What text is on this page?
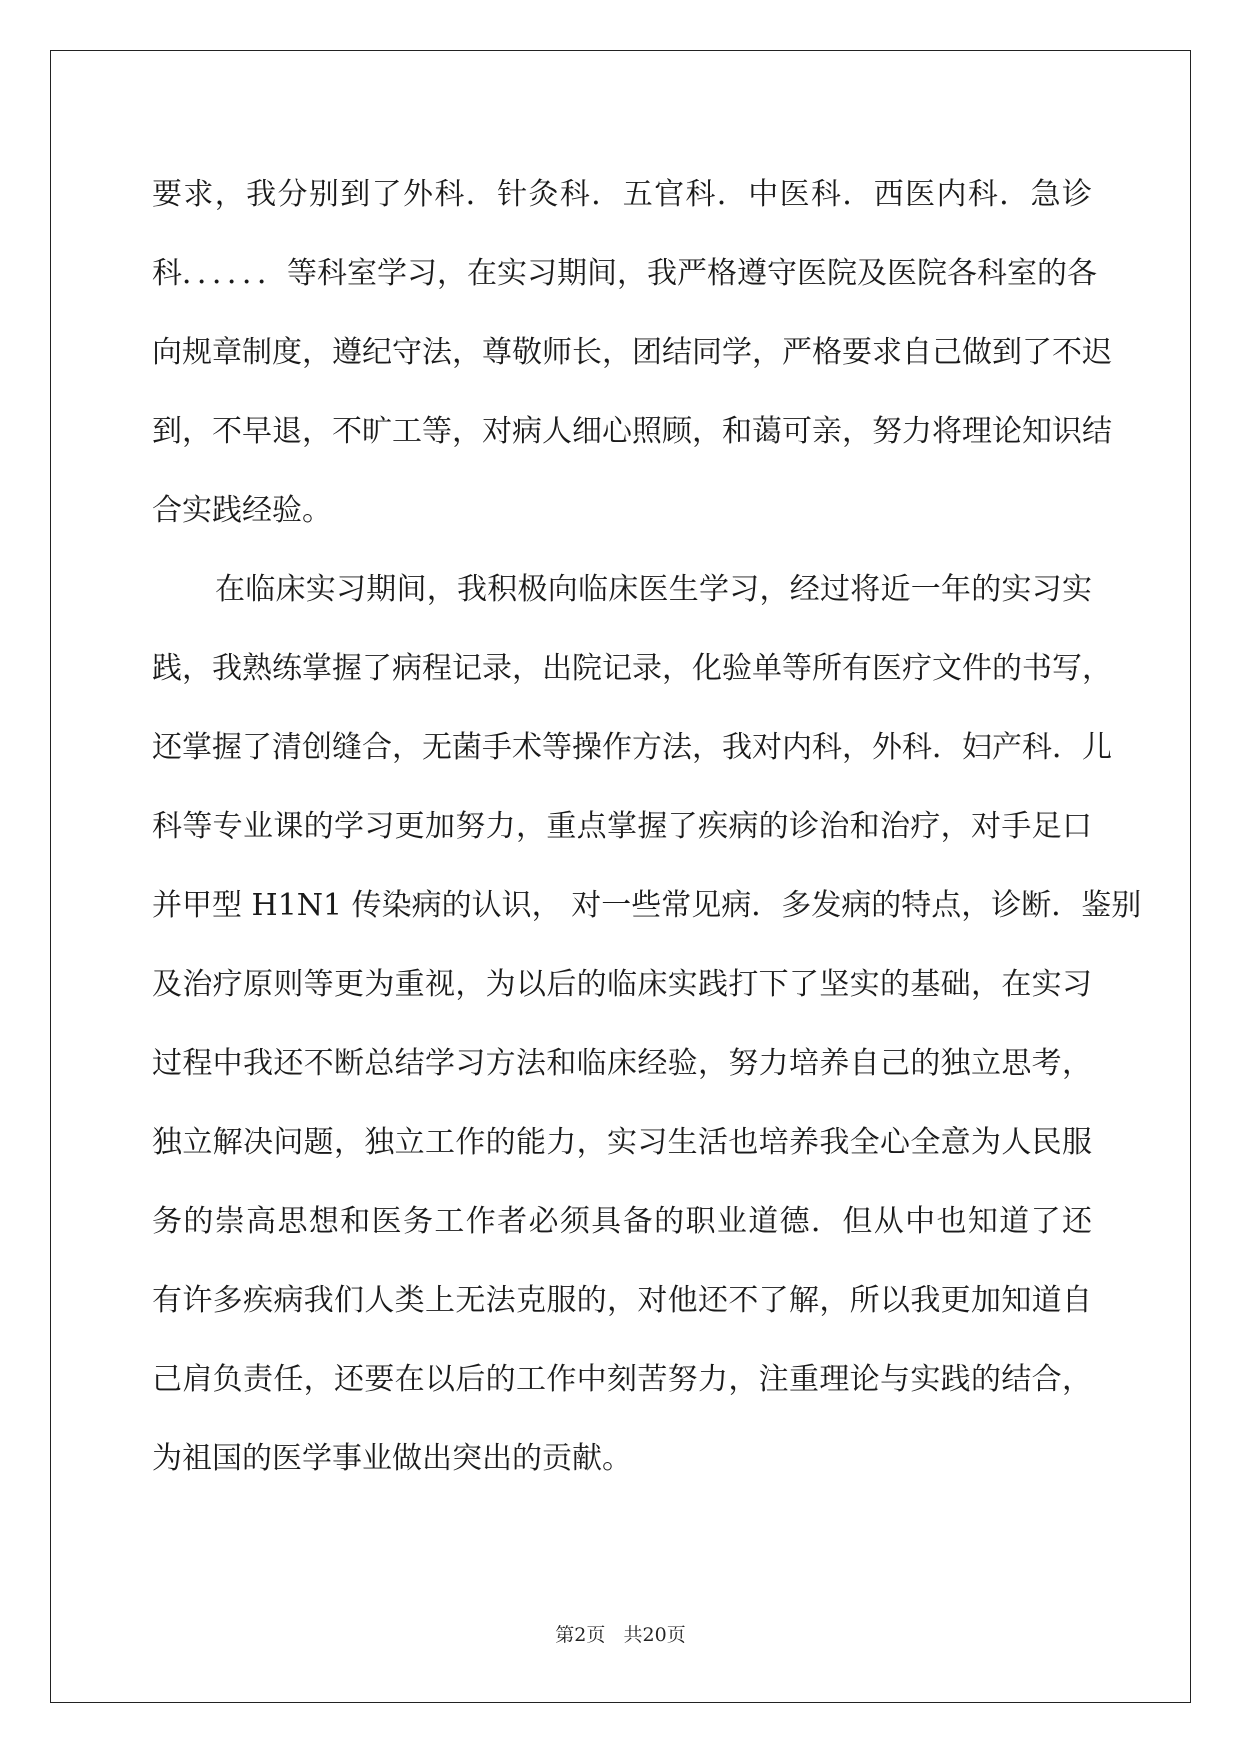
要求，我分别到了外科．针灸科．五官科．中医科．西医内科．急诊
科．．．．．．等科室学习，在实习期间，我严格遵守医院及医院各科室的各
向规章制度，遵纪守法，尊敬师长，团结同学，严格要求自己做到了不迟
到，不早退，不旷工等，对病人细心照顾，和蔼可亲，努力将理论知识结
合实践经验。
在临床实习期间，我积极向临床医生学习，经过将近一年的实习实
践，我熟练掌握了病程记录，出院记录，化验单等所有医疗文件的书写，
还掌握了清创缝合，无菌手术等操作方法，我对内科，外科．妇产科．儿
科等专业课的学习更加努力，重点掌握了疾病的诊治和治疗，对手足口
并甲型 H1N1 传染病的认识， 对一些常见病．多发病的特点，诊断．鉴别
及治疗原则等更为重视，为以后的临床实践打下了坚实的基础，在实习
过程中我还不断总结学习方法和临床经验，努力培养自己的独立思考，
独立解决问题，独立工作的能力，实习生活也培养我全心全意为人民服
务的崇高思想和医务工作者必须具备的职业道德．但从中也知道了还
有许多疾病我们人类上无法克服的，对他还不了解，所以我更加知道自
己肩负责任，还要在以后的工作中刻苦努力，注重理论与实践的结合，
为祖国的医学事业做出突出的贡献。
第2页 共20页
